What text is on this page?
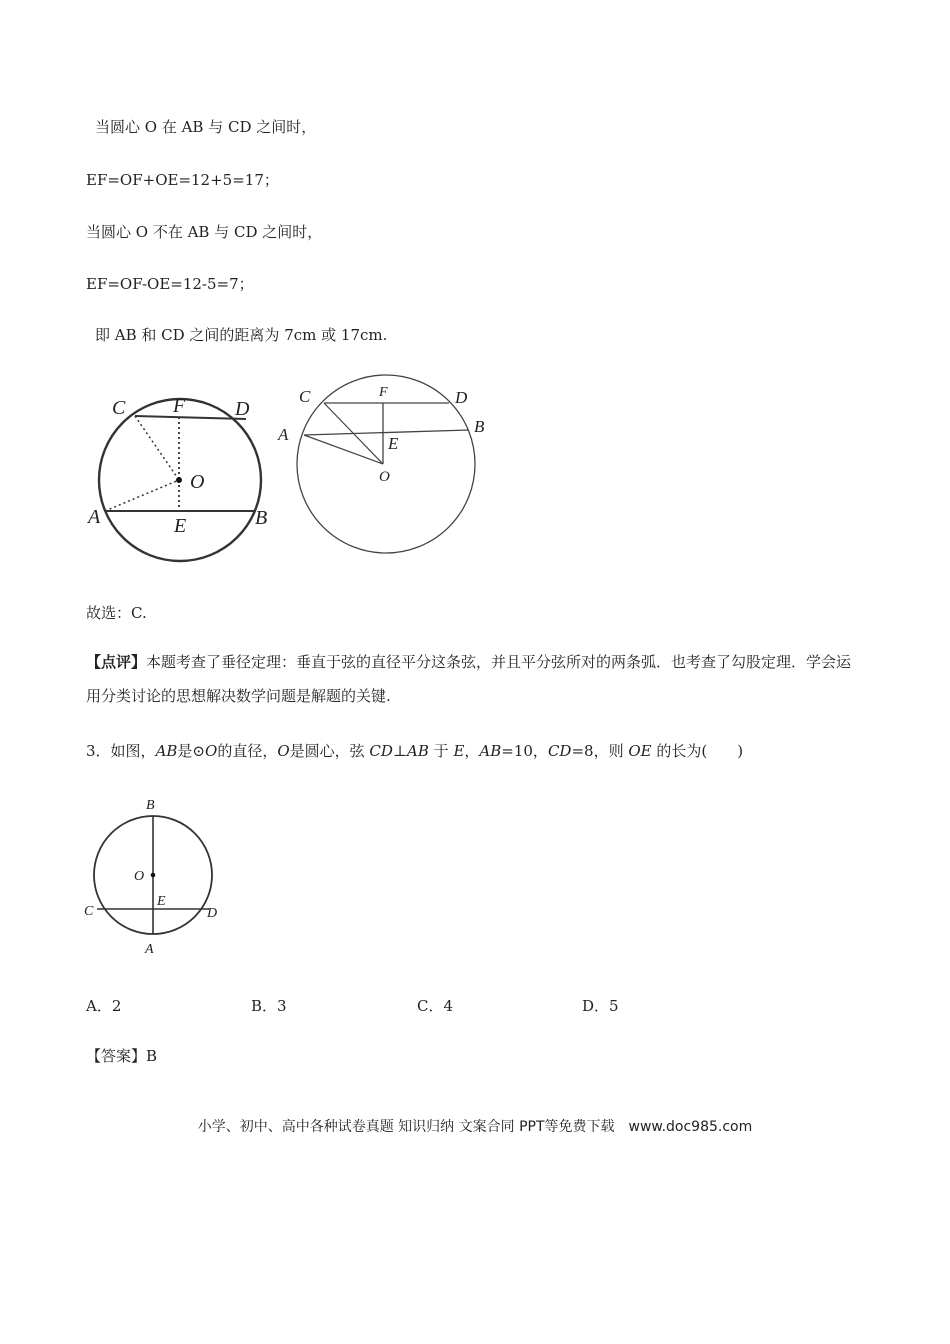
当圆心 O 在 AB 与 CD 之间时，
EF=OF+OE=12+5=17；
当圆心 O 不在 AB 与 CD 之间时，
EF=OF-OE=12-5=7；
即 AB 和 CD 之间的距离为 7cm 或 17cm.
C F D
O
A	E	B
C	F	D
A	E
B
O
故选：C.
【点评】本题考查了垂径定理：垂直于弦的直径平分这条弦，并且平分弦所对的两条弧．也考查了勾股定理．学会运用分类讨论的思想解决数学问题是解题的关键.
3．如图，AB是⊙O的直径，O是圆心，弦 CD⊥AB 于 E，AB=10，CD=8，则 OE 的长为(　　)
B
O
E
C	D
A
A．2	B．3	C．4	D．5
【答案】B
小学、初中、高中各种试卷真题 知识归纳 文案合同 PPT等免费下载　www.doc985.com
